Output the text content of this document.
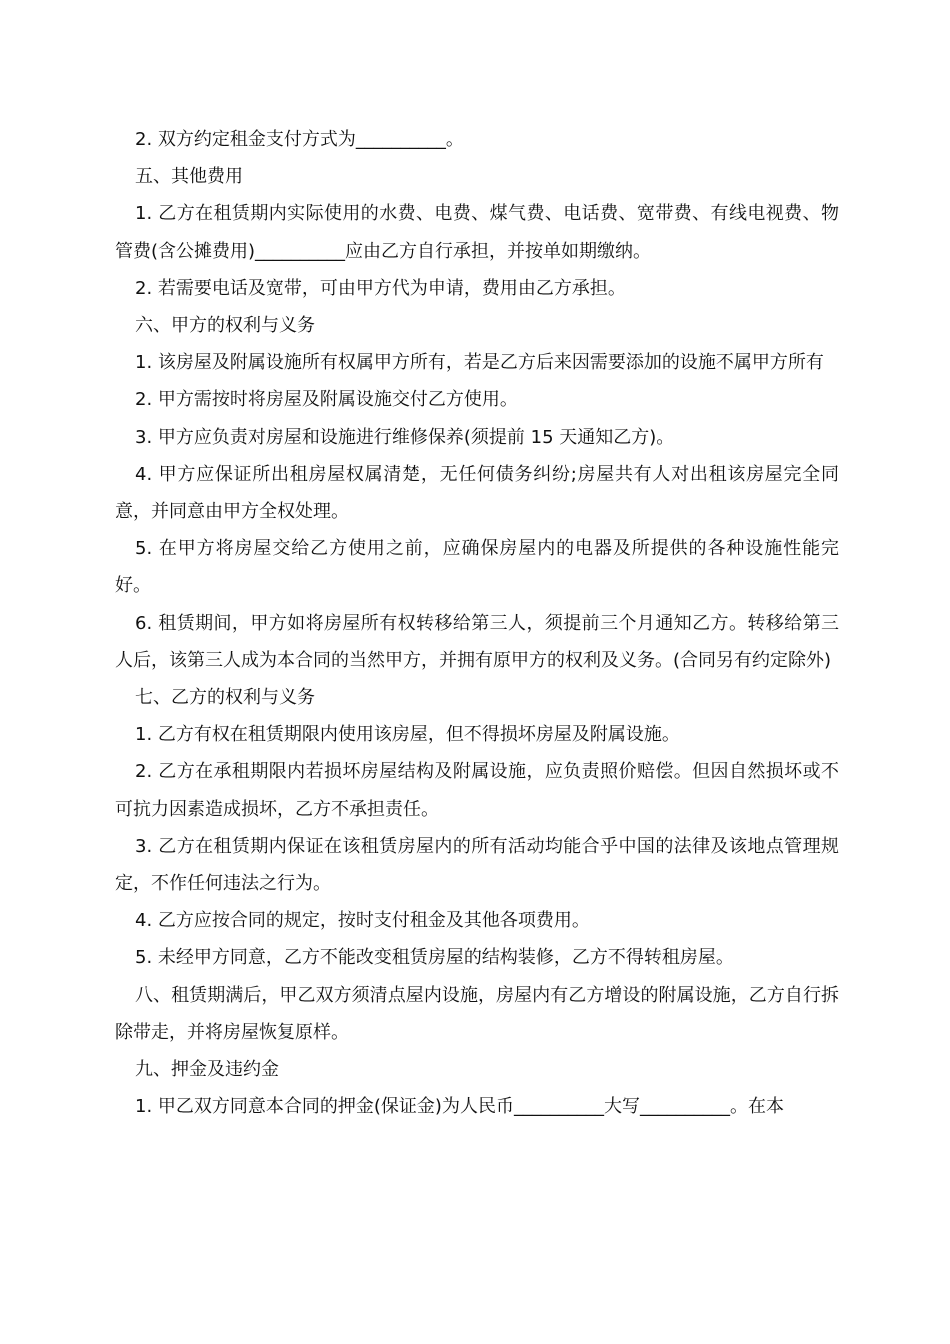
2. 双方约定租金支付方式为__________。

五、其他费用

1. 乙方在租赁期内实际使用的水费、电费、煤气费、电话费、宽带费、有线电视费、物管费(含公摊费用)__________应由乙方自行承担，并按单如期缴纳。

2. 若需要电话及宽带，可由甲方代为申请，费用由乙方承担。

六、甲方的权利与义务

1. 该房屋及附属设施所有权属甲方所有，若是乙方后来因需要添加的设施不属甲方所有

2. 甲方需按时将房屋及附属设施交付乙方使用。

3. 甲方应负责对房屋和设施进行维修保养(须提前 15 天通知乙方)。

4. 甲方应保证所出租房屋权属清楚，无任何债务纠纷;房屋共有人对出租该房屋完全同意，并同意由甲方全权处理。

5. 在甲方将房屋交给乙方使用之前，应确保房屋内的电器及所提供的各种设施性能完好。

6. 租赁期间，甲方如将房屋所有权转移给第三人，须提前三个月通知乙方。转移给第三人后，该第三人成为本合同的当然甲方，并拥有原甲方的权利及义务。(合同另有约定除外)

七、乙方的权利与义务

1. 乙方有权在租赁期限内使用该房屋，但不得损坏房屋及附属设施。

2. 乙方在承租期限内若损坏房屋结构及附属设施，应负责照价赔偿。但因自然损坏或不可抗力因素造成损坏，乙方不承担责任。

3. 乙方在租赁期内保证在该租赁房屋内的所有活动均能合乎中国的法律及该地点管理规定，不作任何违法之行为。

4. 乙方应按合同的规定，按时支付租金及其他各项费用。

5. 未经甲方同意，乙方不能改变租赁房屋的结构装修，乙方不得转租房屋。

八、租赁期满后，甲乙双方须清点屋内设施，房屋内有乙方增设的附属设施，乙方自行拆除带走，并将房屋恢复原样。

九、押金及违约金

1. 甲乙双方同意本合同的押金(保证金)为人民币__________大写__________。在本
